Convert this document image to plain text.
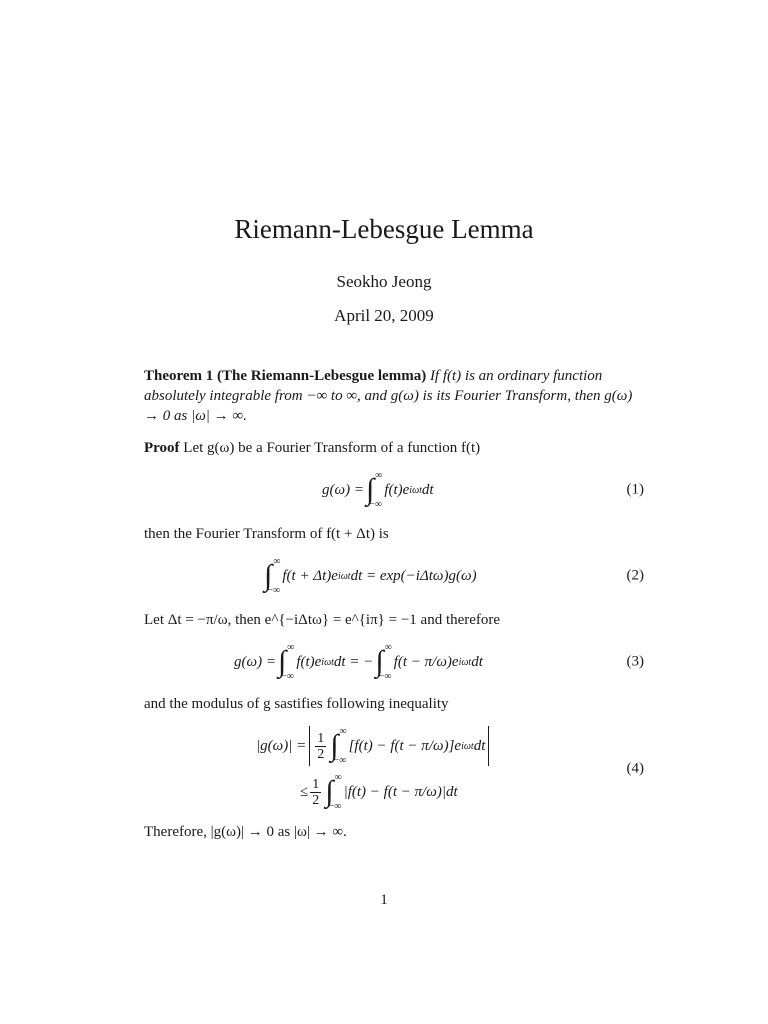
Riemann-Lebesgue Lemma
Seokho Jeong
April 20, 2009
Theorem 1 (The Riemann-Lebesgue lemma) If f(t) is an ordinary function absolutely integrable from −∞ to ∞, and g(ω) is its Fourier Transform, then g(ω) → 0 as |ω| → ∞.
Proof Let g(ω) be a Fourier Transform of a function f(t)
g(ω) = ∫ ∞
−∞
f(t)e iωt dt	(1)
then the Fourier Transform of f(t + Δt) is
∫ ∞
−∞
f(t + Δt)e iωt dt = exp(−iΔtω)g(ω)	(2)
Let Δt = −π/ω, then e^{−iΔtω} = e^{iπ} = −1 and therefore
g(ω) = ∫ ∞
−∞
f(t)e iωt dt = − ∫ ∞
−∞
f(t − π/ω)e iωt dt	(3)
and the modulus of g sastifies following inequality
$|g(\omega)| = \frac{1}{2}$ ∫ ∞
−∞
[f(t) − f(t − π/ω)]e iωt dt
≤ $\frac{1}{2}$ ∫ ∞
−∞
|f(t) − f(t − π/ω)|dt
(4)
Therefore, |g(ω)| → 0 as |ω| → ∞.
1
